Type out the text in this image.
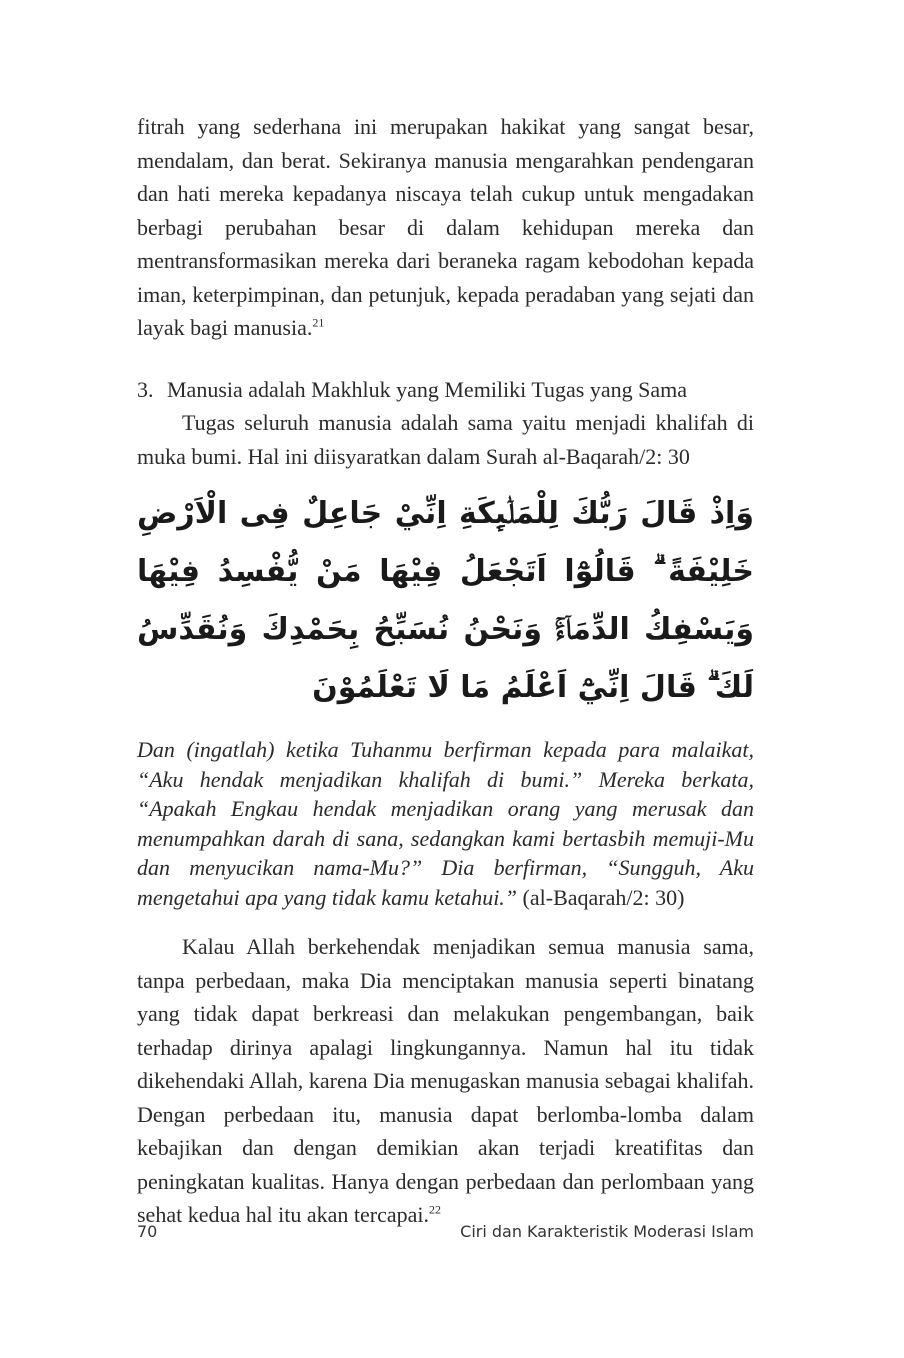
fitrah yang sederhana ini merupakan hakikat yang sangat besar, mendalam, dan berat. Sekiranya manusia mengarahkan pendengaran dan hati mereka kepadanya niscaya telah cukup untuk mengadakan berbagi perubahan besar di dalam kehidupan mereka dan mentransformasikan mereka dari beraneka ragam kebodohan kepada iman, keterpimpinan, dan petunjuk, kepada peradaban yang sejati dan layak bagi manusia.$^{21}$

3. Manusia adalah Makhluk yang Memiliki Tugas yang Sama

Tugas seluruh manusia adalah sama yaitu menjadi khalifah di muka bumi. Hal ini diisyaratkan dalam Surah al-Baqarah/2: 30

وَاِذْ قَالَ رَبُّكَ لِلْمَلٰۤىِٕكَةِ اِنِّيْ جَاعِلٌ فِى الْاَرْضِ خَلِيْفَةً ۗ قَالُوْٓا اَتَجْعَلُ فِيْهَا مَنْ يُّفْسِدُ فِيْهَا وَيَسْفِكُ الدِّمَاۤءَۚ وَنَحْنُ نُسَبِّحُ بِحَمْدِكَ وَنُقَدِّسُ لَكَ ۗ قَالَ اِنِّيْٓ اَعْلَمُ مَا لَا تَعْلَمُوْنَ

Dan (ingatlah) ketika Tuhanmu berfirman kepada para malaikat, “Aku hendak menjadikan khalifah di bumi.” Mereka berkata, “Apakah Engkau hendak menjadikan orang yang merusak dan menumpahkan darah di sana, sedangkan kami bertasbih memuji-Mu dan menyucikan nama-Mu?” Dia berfirman, “Sungguh, Aku mengetahui apa yang tidak kamu ketahui.” (al-Baqarah/2: 30)

Kalau Allah berkehendak menjadikan semua manusia sama, tanpa perbedaan, maka Dia menciptakan manusia seperti binatang yang tidak dapat berkreasi dan melakukan pengembangan, baik terhadap dirinya apalagi lingkungannya. Namun hal itu tidak dikehendaki Allah, karena Dia menugaskan manusia sebagai khalifah. Dengan perbedaan itu, manusia dapat berlomba-lomba dalam kebajikan dan dengan demikian akan terjadi kreatifitas dan peningkatan kualitas. Hanya dengan perbedaan dan perlombaan yang sehat kedua hal itu akan tercapai.$^{22}$

70	Ciri dan Karakteristik Moderasi Islam
